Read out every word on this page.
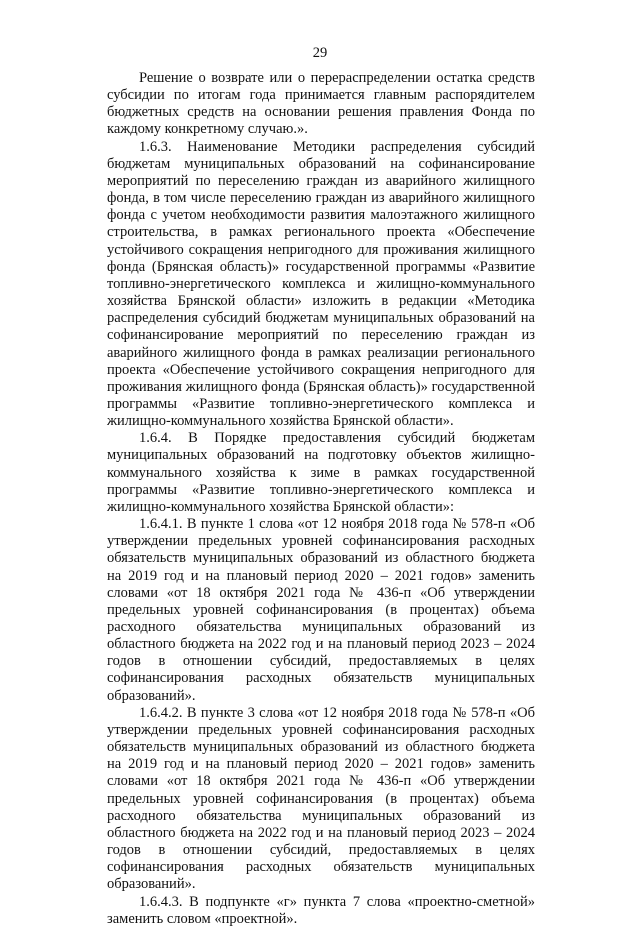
29

Решение о возврате или о перераспределении остатка средств субсидии по итогам года принимается главным распорядителем бюджетных средств на основании решения правления Фонда по каждому конкретному случаю.».

1.6.3. Наименование Методики распределения субсидий бюджетам муниципальных образований на софинансирование мероприятий по переселению граждан из аварийного жилищного фонда, в том числе переселению граждан из аварийного жилищного фонда с учетом необходимости развития малоэтажного жилищного строительства, в рамках регионального проекта «Обеспечение устойчивого сокращения непригодного для проживания жилищного фонда (Брянская область)» государственной программы «Развитие топливно-энергетического комплекса и жилищно-коммунального хозяйства Брянской области» изложить в редакции «Методика распределения субсидий бюджетам муниципальных образований на софинансирование мероприятий по переселению граждан из аварийного жилищного фонда в рамках реализации регионального проекта «Обеспечение устойчивого сокращения непригодного для проживания жилищного фонда (Брянская область)» государственной программы «Развитие топливно-энергетического комплекса и жилищно-коммунального хозяйства Брянской области».

1.6.4. В Порядке предоставления субсидий бюджетам муниципальных образований на подготовку объектов жилищно-коммунального хозяйства к зиме в рамках государственной программы «Развитие топливно-энергетического комплекса и жилищно-коммунального хозяйства Брянской области»:

1.6.4.1. В пункте 1 слова «от 12 ноября 2018 года № 578-п «Об утверждении предельных уровней софинансирования расходных обязательств муниципальных образований из областного бюджета на 2019 год и на плановый период 2020 – 2021 годов» заменить словами «от 18 октября 2021 года № 436-п «Об утверждении предельных уровней софинансирования (в процентах) объема расходного обязательства муниципальных образований из областного бюджета на 2022 год и на плановый период 2023 – 2024 годов в отношении субсидий, предоставляемых в целях софинансирования расходных обязательств муниципальных образований».

1.6.4.2. В пункте 3 слова «от 12 ноября 2018 года № 578-п «Об утверждении предельных уровней софинансирования расходных обязательств муниципальных образований из областного бюджета на 2019 год и на плановый период 2020 – 2021 годов» заменить словами «от 18 октября 2021 года № 436-п «Об утверждении предельных уровней софинансирования (в процентах) объема расходного обязательства муниципальных образований из областного бюджета на 2022 год и на плановый период 2023 – 2024 годов в отношении субсидий, предоставляемых в целях софинансирования расходных обязательств муниципальных образований».

1.6.4.3. В подпункте «г» пункта 7 слова «проектно-сметной» заменить словом «проектной».
